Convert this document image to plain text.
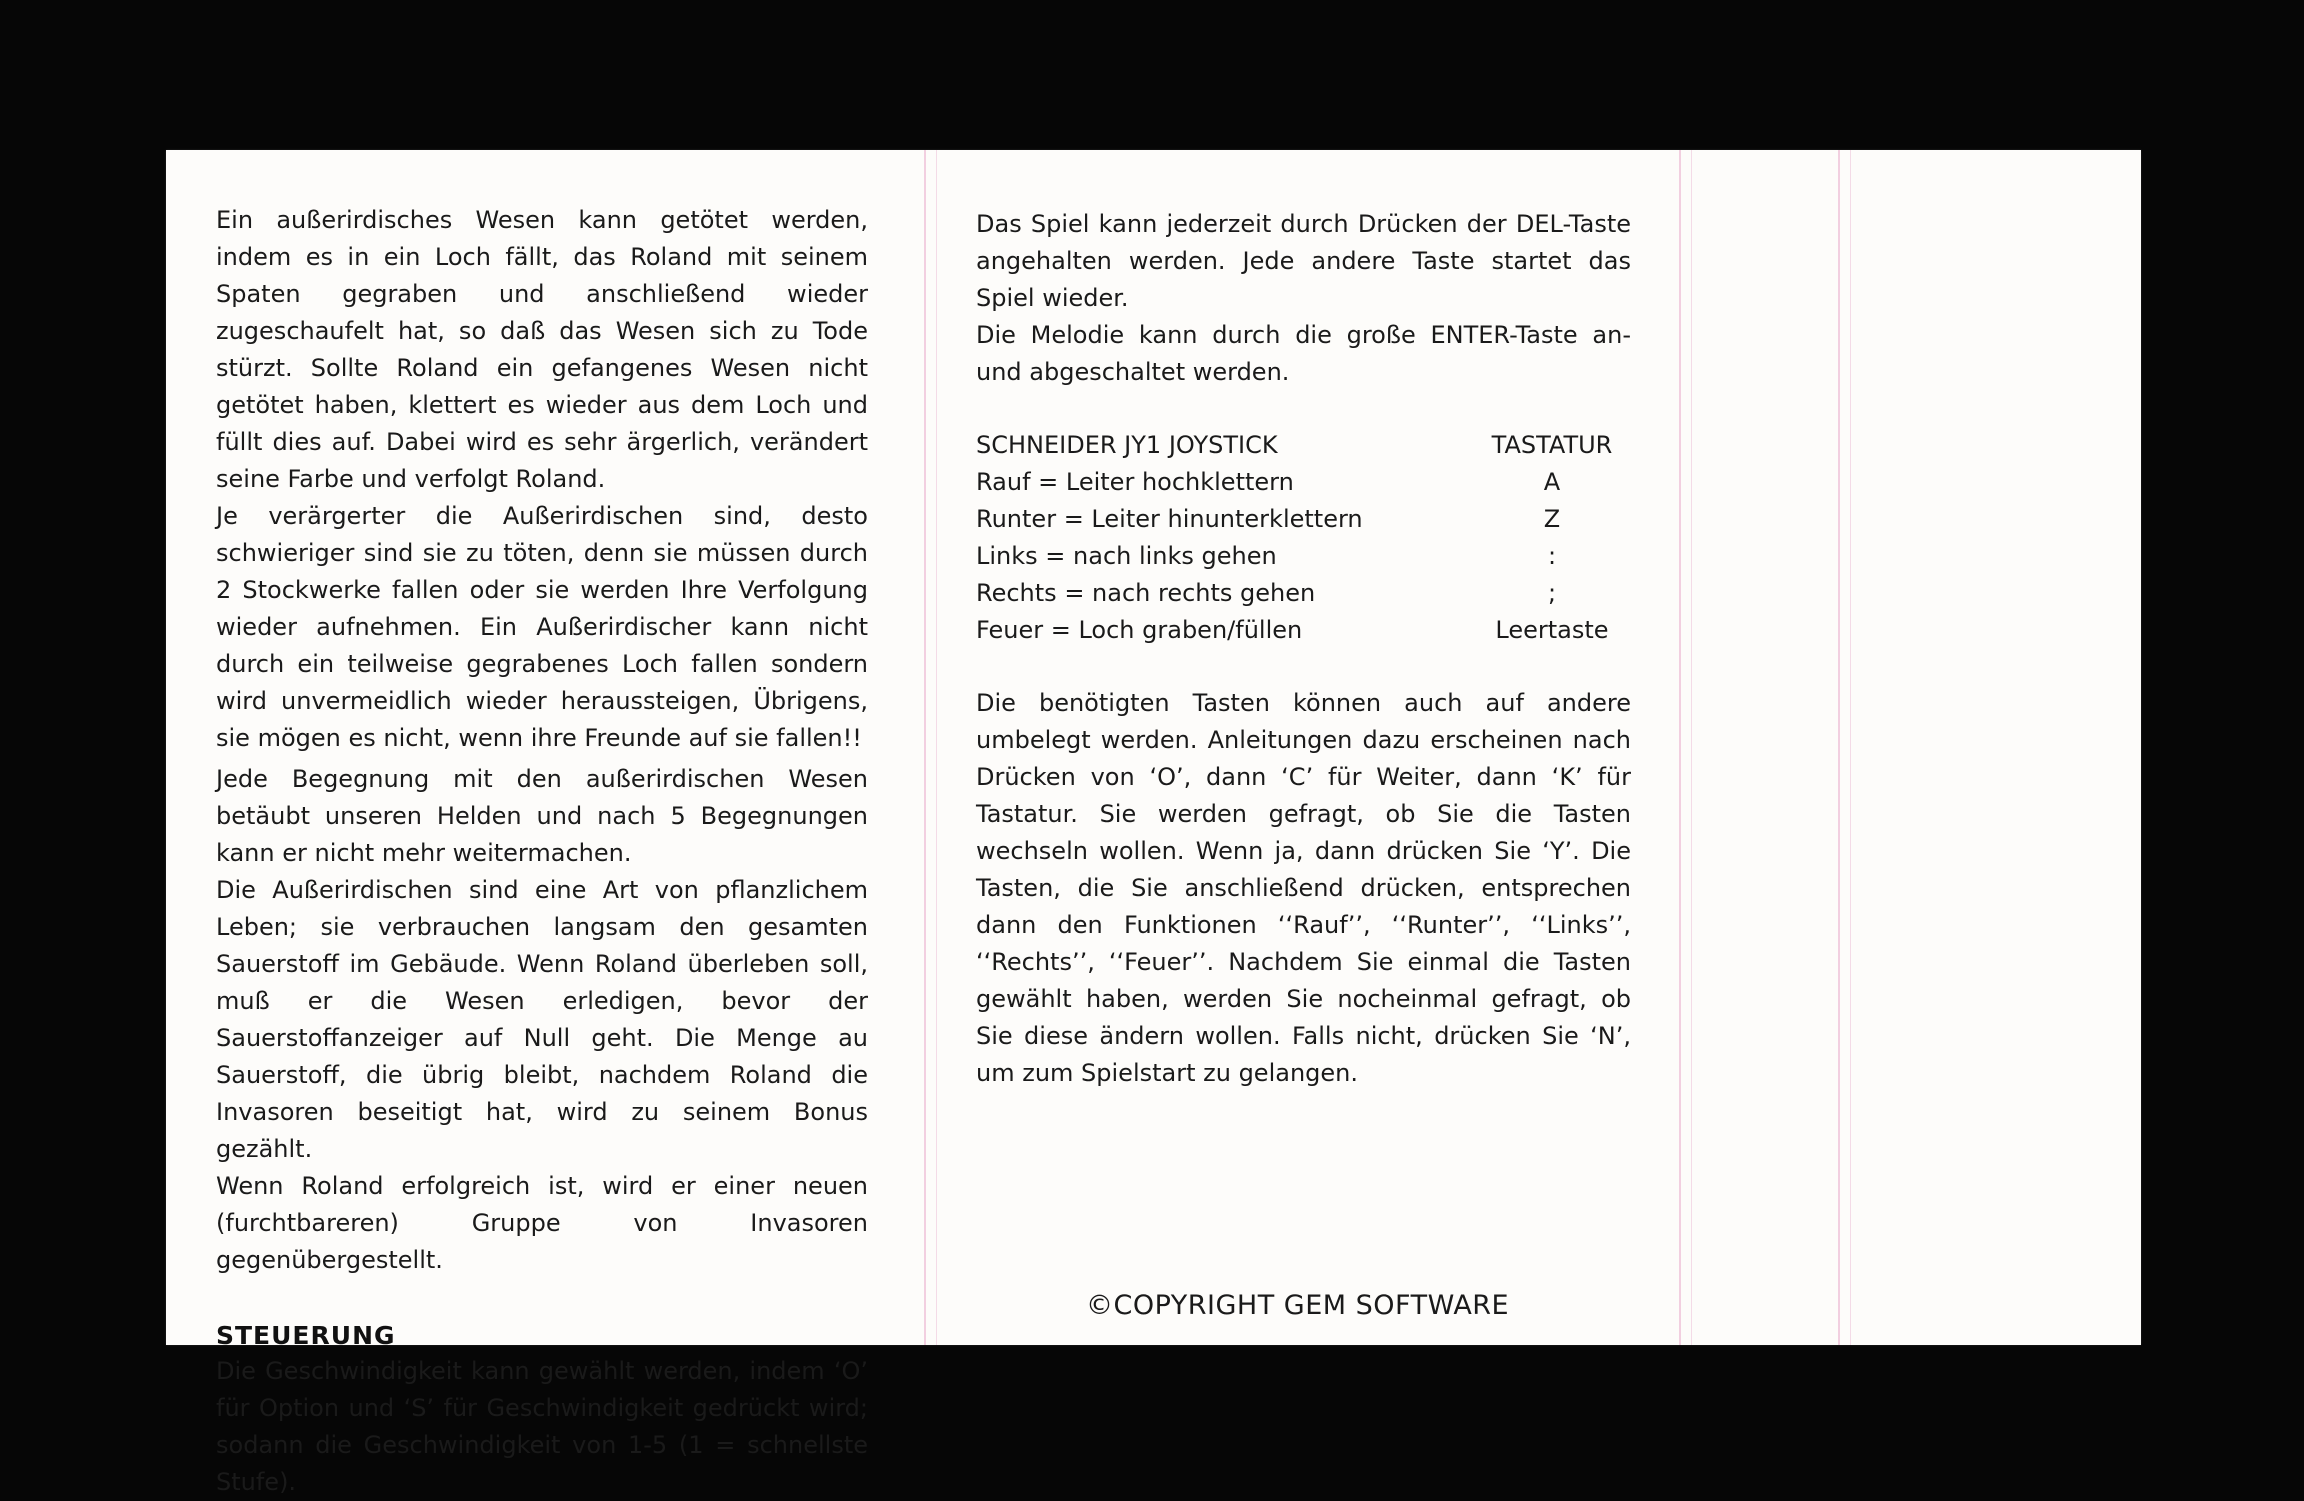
Ein außerirdisches Wesen kann getötet werden, indem es in ein Loch fällt, das Roland mit seinem Spaten gegraben und anschließend wieder zugeschaufelt hat, so daß das Wesen sich zu Tode stürzt. Sollte Roland ein gefangenes Wesen nicht getötet haben, klettert es wieder aus dem Loch und füllt dies auf. Dabei wird es sehr ärgerlich, verändert seine Farbe und verfolgt Roland.

Je verärgerter die Außerirdischen sind, desto schwieriger sind sie zu töten, denn sie müssen durch 2 Stockwerke fallen oder sie werden Ihre Verfolgung wieder aufnehmen. Ein Außerirdischer kann nicht durch ein teilweise gegrabenes Loch fallen sondern wird unvermeidlich wieder heraussteigen, Übrigens, sie mögen es nicht, wenn ihre Freunde auf sie fallen!!

Jede Begegnung mit den außerirdischen Wesen betäubt unseren Helden und nach 5 Begegnungen kann er nicht mehr weitermachen.

Die Außerirdischen sind eine Art von pflanzlichem Leben; sie verbrauchen langsam den gesamten Sauerstoff im Gebäude. Wenn Roland überleben soll, muß er die Wesen erledigen, bevor der Sauerstoffanzeiger auf Null geht. Die Menge au Sauerstoff, die übrig bleibt, nachdem Roland die Invasoren beseitigt hat, wird zu seinem Bonus gezählt.

Wenn Roland erfolgreich ist, wird er einer neuen (furchtbareren) Gruppe von Invasoren gegenübergestellt.

STEUERUNG

Die Geschwindigkeit kann gewählt werden, indem ‘O’ für Option und ‘S’ für Geschwindigkeit gedrückt wird; sodann die Geschwindigkeit von 1-5 (1 = schnellste Stufe).

Das Spiel kann jederzeit durch Drücken der DEL-Taste angehalten werden. Jede andere Taste startet das Spiel wieder.

Die Melodie kann durch die große ENTER-Taste an- und abgeschaltet werden.

SCHNEIDER JY1 JOYSTICK	TASTATUR
Rauf = Leiter hochklettern	A
Runter = Leiter hinunterklettern	Z
Links = nach links gehen	:
Rechts = nach rechts gehen	;
Feuer = Loch graben/füllen	Leertaste

Die benötigten Tasten können auch auf andere umbelegt werden. Anleitungen dazu erscheinen nach Drücken von ‘O’, dann ‘C’ für Weiter, dann ‘K’ für Tastatur. Sie werden gefragt, ob Sie die Tasten wechseln wollen. Wenn ja, dann drücken Sie ‘Y’. Die Tasten, die Sie anschließend drücken, entsprechen dann den Funktionen ‘‘Rauf’’, ‘‘Runter’’, ‘‘Links’’, ‘‘Rechts’’, ‘‘Feuer’’. Nachdem Sie einmal die Tasten gewählt haben, werden Sie nocheinmal gefragt, ob Sie diese ändern wollen. Falls nicht, drücken Sie ‘N’, um zum Spielstart zu gelangen.

©COPYRIGHT GEM SOFTWARE
